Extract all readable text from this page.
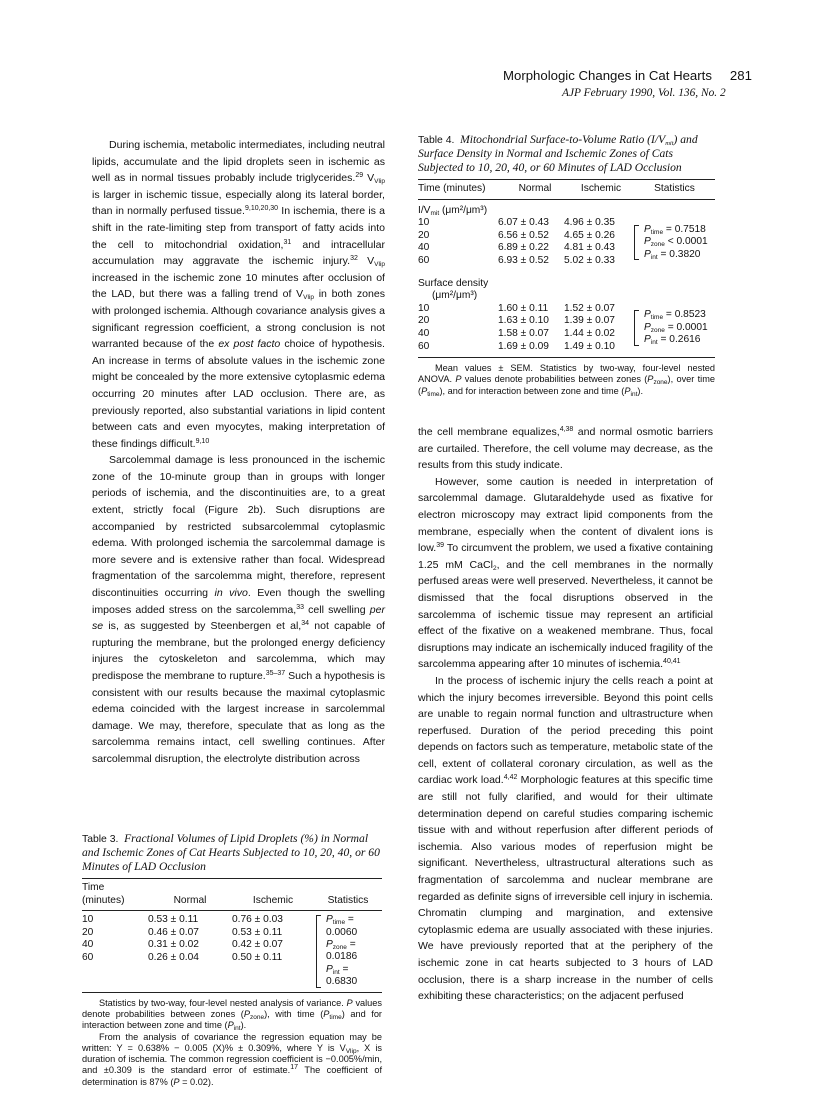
Morphologic Changes in Cat Hearts 281
AJP February 1990, Vol. 136, No. 2

During ischemia, metabolic intermediates, including neutral lipids, accumulate and the lipid droplets seen in ischemic as well as in normal tissues probably include triglycerides.$^{29}$ $V_{Vlip}$ is larger in ischemic tissue, especially along its lateral border, than in normally perfused tissue.$^{9,10,20,30}$ In ischemia, there is a shift in the rate-limiting step from transport of fatty acids into the cell to mitochondrial oxidation,$^{31}$ and intracellular accumulation may aggravate the ischemic injury.$^{32}$ $V_{Vlip}$ increased in the ischemic zone 10 minutes after occlusion of the LAD, but there was a falling trend of $V_{Vlip}$ in both zones with prolonged ischemia. Although covariance analysis gives a significant regression coefficient, a strong conclusion is not warranted because of the ex post facto choice of hypothesis. An increase in terms of absolute values in the ischemic zone might be concealed by the more extensive cytoplasmic edema occurring 20 minutes after LAD occlusion. There are, as previously reported, also substantial variations in lipid content between cats and even myocytes, making interpretation of these findings difficult.$^{9,10}$

Sarcolemmal damage is less pronounced in the ischemic zone of the 10-minute group than in groups with longer periods of ischemia, and the discontinuities are, to a great extent, strictly focal (Figure 2b). Such disruptions are accompanied by restricted subsarcolemmal cytoplasmic edema. With prolonged ischemia the sarcolemmal damage is more severe and is extensive rather than focal. Widespread fragmentation of the sarcolemma might, therefore, represent discontinuities occurring in vivo. Even though the swelling imposes added stress on the sarcolemma,$^{33}$ cell swelling per se is, as suggested by Steenbergen et al,$^{34}$ not capable of rupturing the membrane, but the prolonged energy deficiency injures the cytoskeleton and sarcolemma, which may predispose the membrane to rupture.$^{35-37}$ Such a hypothesis is consistent with our results because the maximal cytoplasmic edema coincided with the largest increase in sarcolemmal damage. We may, therefore, speculate that as long as the sarcolemma remains intact, cell swelling continues. After sarcolemmal disruption, the electrolyte distribution across

Table 3. Fractional Volumes of Lipid Droplets (%) in Normal and Ischemic Zones of Cat Hearts Subjected to 10, 20, 40, or 60 Minutes of LAD Occlusion
Time
(minutes)	Normal	Ischemic	Statistics
10	0.53 ± 0.11	0.76 ± 0.03
20	0.46 ± 0.07	0.53 ± 0.11
40	0.31 ± 0.02	0.42 ± 0.07
60	0.26 ± 0.04	0.50 ± 0.11
$P_{time} = 0.0060$
$P_{zone} = 0.0186$
$P_{int} = 0.6830$

Statistics by two-way, four-level nested analysis of variance. P values denote probabilities between zones $(P_{zone})$, with time $(P_{time})$ and for interaction between zone and time $(P_{int})$.

From the analysis of covariance the regression equation may be written: Y = 0.638% − 0.005 (X)% ± 0.309%, where Y is $V_{Vlip}$, X is duration of ischemia. The common regression coefficient is −0.005%/min, and ±0.309 is the standard error of estimate.$^{17}$ The coefficient of determination is 87% (P = 0.02).

Table 4. Mitochondrial Surface-to-Volume Ratio $(I/V_{mit})$ and Surface Density in Normal and Ischemic Zones of Cats Subjected to 10, 20, 40, or 60 Minutes of LAD Occlusion
Time (minutes)	Normal	Ischemic	Statistics
$I/V_{mit}$ (μm²/μm³)
10	6.07 ± 0.43	4.96 ± 0.35
20	6.56 ± 0.52	4.65 ± 0.26
40	6.89 ± 0.22	4.81 ± 0.43
60	6.93 ± 0.52	5.02 ± 0.33
$P_{time} = 0.7518$
$P_{zone} < 0.0001$
$P_{int} = 0.3820$
Surface density
(μm²/μm³)
10	1.60 ± 0.11	1.52 ± 0.07
20	1.63 ± 0.10	1.39 ± 0.07
40	1.58 ± 0.07	1.44 ± 0.02
60	1.69 ± 0.09	1.49 ± 0.10
$P_{time} = 0.8523$
$P_{zone} = 0.0001$
$P_{int} = 0.2616$

Mean values ± SEM. Statistics by two-way, four-level nested ANOVA. P values denote probabilities between zones $(P_{zone})$, over time $(P_{time})$, and for interaction between zone and time $(P_{int})$.

the cell membrane equalizes,$^{4,38}$ and normal osmotic barriers are curtailed. Therefore, the cell volume may decrease, as the results from this study indicate.

However, some caution is needed in interpretation of sarcolemmal damage. Glutaraldehyde used as fixative for electron microscopy may extract lipid components from the membrane, especially when the content of divalent ions is low.$^{39}$ To circumvent the problem, we used a fixative containing 1.25 mM CaCl$_2$, and the cell membranes in the normally perfused areas were well preserved. Nevertheless, it cannot be dismissed that the focal disruptions observed in the sarcolemma of ischemic tissue may represent an artificial effect of the fixative on a weakened membrane. Thus, focal disruptions may indicate an ischemically induced fragility of the sarcolemma appearing after 10 minutes of ischemia.$^{40,41}$

In the process of ischemic injury the cells reach a point at which the injury becomes irreversible. Beyond this point cells are unable to regain normal function and ultrastructure when reperfused. Duration of the period preceding this point depends on factors such as temperature, metabolic state of the cell, extent of collateral coronary circulation, as well as the cardiac work load.$^{4,42}$ Morphologic features at this specific time are still not fully clarified, and would for their ultimate determination depend on careful studies comparing ischemic tissue with and without reperfusion after different periods of ischemia. Also various modes of reperfusion might be significant. Nevertheless, ultrastructural alterations such as fragmentation of sarcolemma and nuclear membrane are regarded as definite signs of irreversible cell injury in ischemia. Chromatin clumping and margination, and extensive cytoplasmic edema are usually associated with these injuries. We have previously reported that at the periphery of the ischemic zone in cat hearts subjected to 3 hours of LAD occlusion, there is a sharp increase in the number of cells exhibiting these characteristics; on the adjacent perfused
